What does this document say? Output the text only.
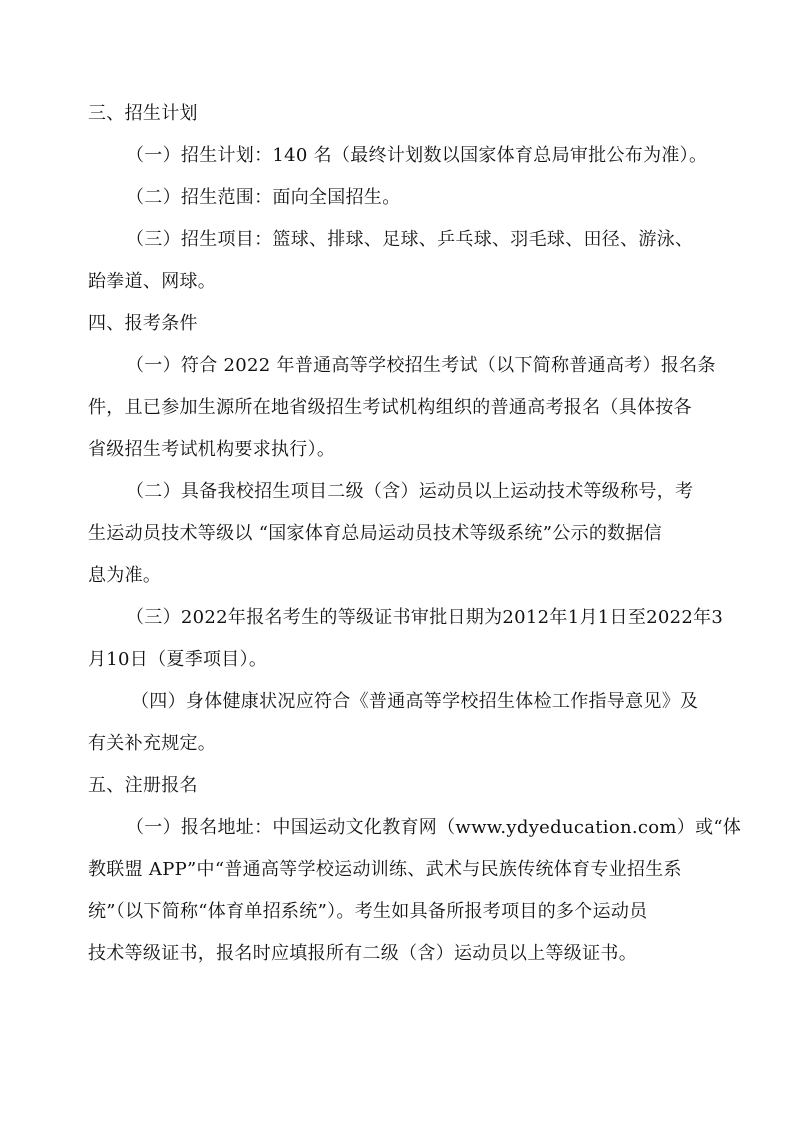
三、招生计划

（一）招生计划：140 名（最终计划数以国家体育总局审批公布为准）。

（二）招生范围：面向全国招生。

（三）招生项目：篮球、排球、足球、乒乓球、羽毛球、田径、游泳、

跆拳道、网球。

四、报考条件

（一）符合 2022 年普通高等学校招生考试（以下简称普通高考）报名条

件，且已参加生源所在地省级招生考试机构组织的普通高考报名（具体按各

省级招生考试机构要求执行）。

（二）具备我校招生项目二级（含）运动员以上运动技术等级称号，考

生运动员技术等级以 “国家体育总局运动员技术等级系统”公示的数据信

息为准。

（三）2022年报名考生的等级证书审批日期为2012年1月1日至2022年3

月10日（夏季项目）。

（四）身体健康状况应符合《普通高等学校招生体检工作指导意见》及

有关补充规定。

五、注册报名

（一）报名地址：中国运动文化教育网（www.ydyeducation.com）或“体

教联盟 APP”中“普通高等学校运动训练、武术与民族传统体育专业招生系

统”（以下简称“体育单招系统”）。考生如具备所报考项目的多个运动员

技术等级证书，报名时应填报所有二级（含）运动员以上等级证书。
